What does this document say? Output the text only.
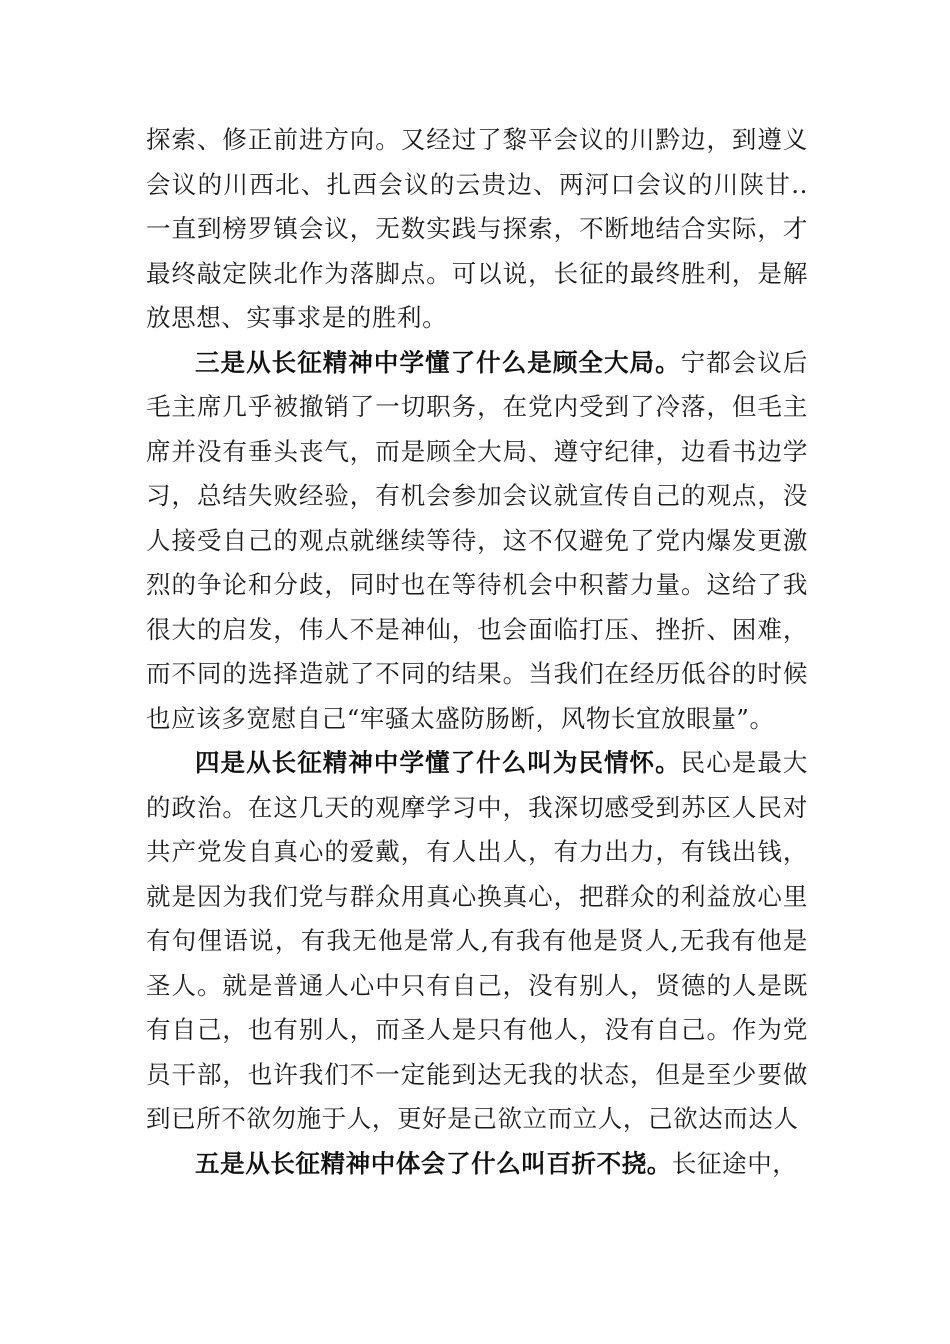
探索、修正前进方向。又经过了黎平会议的川黔边，到遵义会议的川西北、扎西会议的云贵边、两河口会议的川陕甘..一直到榜罗镇会议，无数实践与探索，不断地结合实际，才最终敲定陕北作为落脚点。可以说，长征的最终胜利，是解放思想、实事求是的胜利。

三是从长征精神中学懂了什么是顾全大局。宁都会议后毛主席几乎被撤销了一切职务，在党内受到了冷落，但毛主席并没有垂头丧气，而是顾全大局、遵守纪律，边看书边学习，总结失败经验，有机会参加会议就宣传自己的观点，没人接受自己的观点就继续等待，这不仅避免了党内爆发更激烈的争论和分歧，同时也在等待机会中积蓄力量。这给了我很大的启发，伟人不是神仙，也会面临打压、挫折、困难，而不同的选择造就了不同的结果。当我们在经历低谷的时候也应该多宽慰自己“牢骚太盛防肠断，风物长宜放眼量”。

四是从长征精神中学懂了什么叫为民情怀。民心是最大的政治。在这几天的观摩学习中，我深切感受到苏区人民对共产党发自真心的爱戴，有人出人，有力出力，有钱出钱，就是因为我们党与群众用真心换真心，把群众的利益放心里有句俚语说，有我无他是常人,有我有他是贤人,无我有他是圣人。就是普通人心中只有自己，没有别人，贤德的人是既有自己，也有别人，而圣人是只有他人，没有自己。作为党员干部，也许我们不一定能到达无我的状态，但是至少要做到已所不欲勿施于人，更好是己欲立而立人，己欲达而达人

五是从长征精神中体会了什么叫百折不挠。长征途中，
